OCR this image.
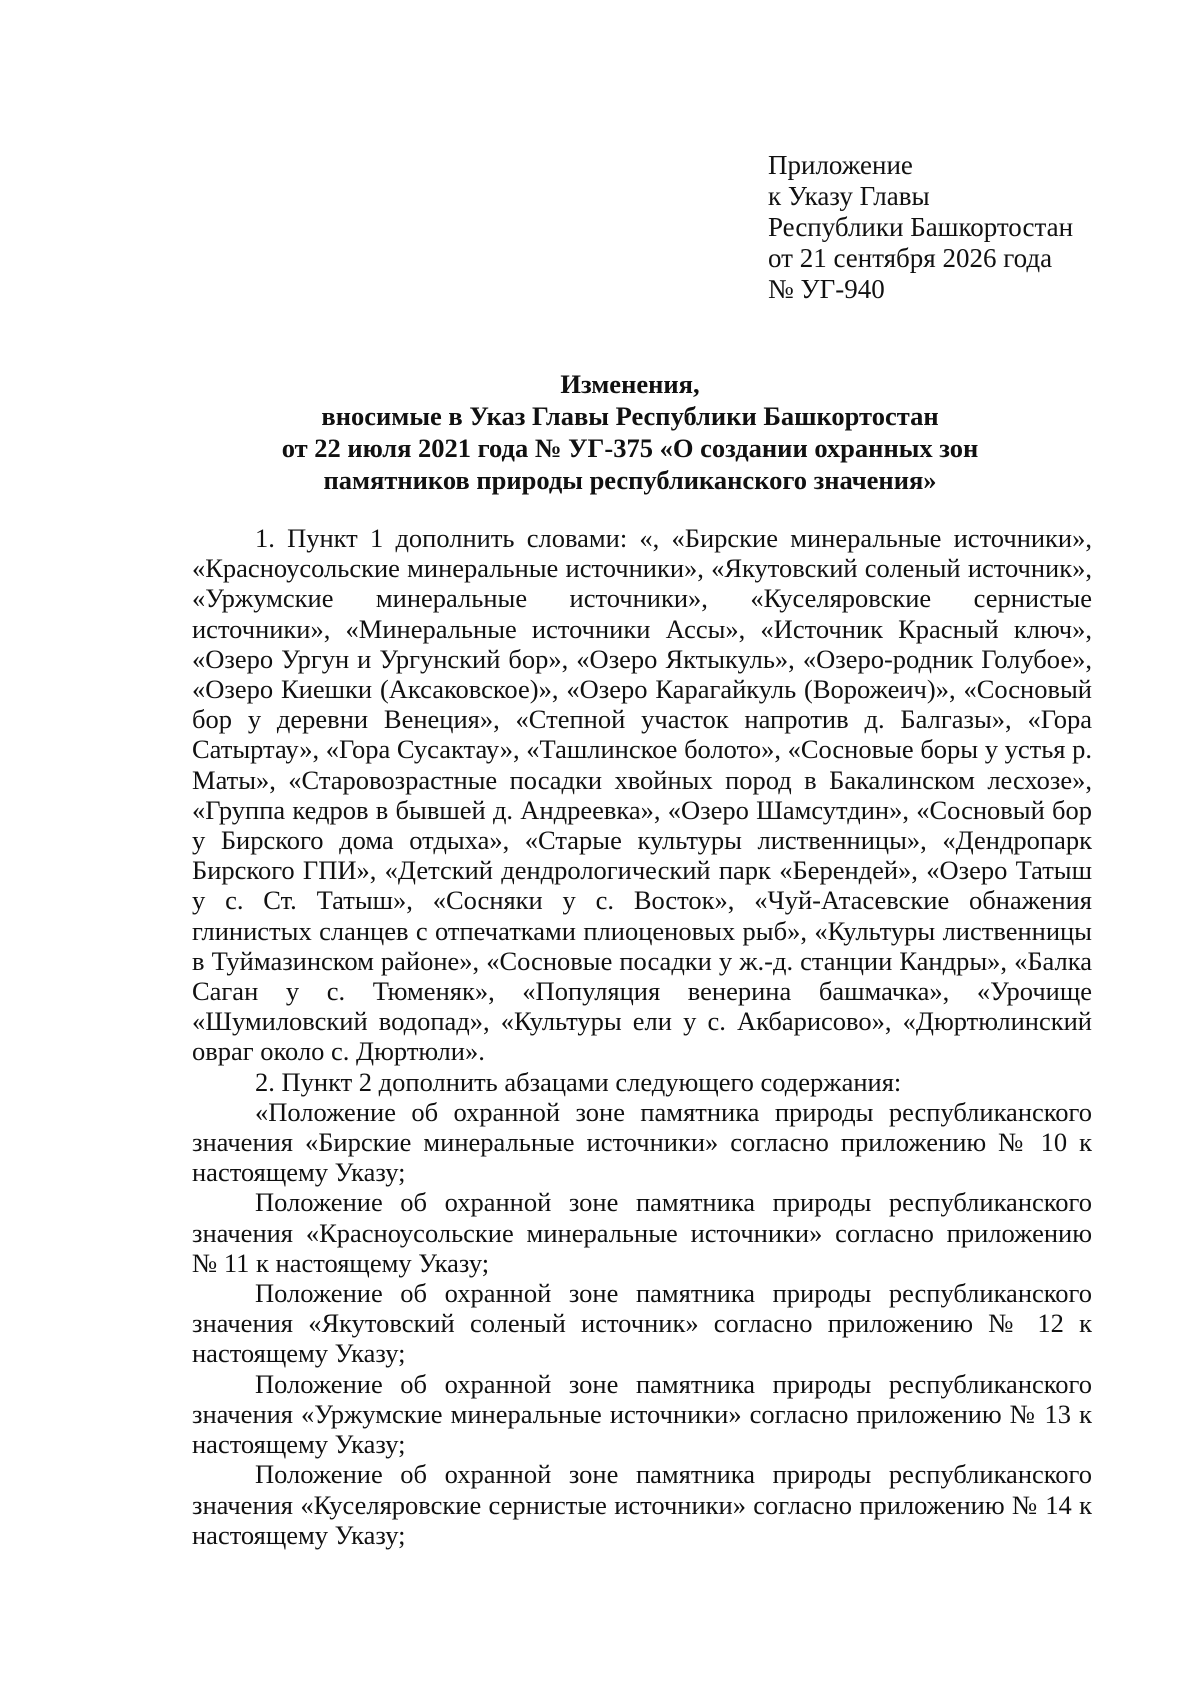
Приложение
к Указу Главы
Республики Башкортостан
от 21 сентября 2026 года
№ УГ-940
Изменения,
вносимые в Указ Главы Республики Башкортостан
от 22 июля 2021 года № УГ-375 «О создании охранных зон
памятников природы республиканского значения»

1. Пункт 1 дополнить словами: «, «Бирские минеральные источники», «Красноусольские минеральные источники», «Якутовский соленый источник», «Уржумские минеральные источники», «Куселяровские сернистые источники», «Минеральные источники Ассы», «Источник Красный ключ», «Озеро Ургун и Ургунский бор», «Озеро Яктыкуль», «Озеро-родник Голубое», «Озеро Киешки (Аксаковское)», «Озеро Карагайкуль (Ворожеич)», «Сосновый бор у деревни Венеция», «Степной участок напротив д. Балгазы», «Гора Сатыртау», «Гора Сусактау», «Ташлинское болото», «Сосновые боры у устья р. Маты», «Старовозрастные посадки хвойных пород в Бакалинском лесхозе», «Группа кедров в бывшей д. Андреевка», «Озеро Шамсутдин», «Сосновый бор у Бирского дома отдыха», «Старые культуры лиственницы», «Дендропарк Бирского ГПИ», «Детский дендрологический парк «Берендей», «Озеро Татыш у с. Ст. Татыш», «Сосняки у с. Восток», «Чуй-Атасевские обнажения глинистых сланцев с отпечатками плиоценовых рыб», «Культуры лиственницы в Туймазинском районе», «Сосновые посадки у ж.-д. станции Кандры», «Балка Саган у с. Тюменяк», «Популяция венерина башмачка», «Урочище «Шумиловский водопад», «Культуры ели у с. Акбарисово», «Дюртюлинский овраг около с. Дюртюли».

2. Пункт 2 дополнить абзацами следующего содержания:

«Положение об охранной зоне памятника природы республиканского значения «Бирские минеральные источники» согласно приложению № 10 к настоящему Указу;

Положение об охранной зоне памятника природы республиканского значения «Красноусольские минеральные источники» согласно приложению № 11 к настоящему Указу;

Положение об охранной зоне памятника природы республиканского значения «Якутовский соленый источник» согласно приложению № 12 к настоящему Указу;

Положение об охранной зоне памятника природы республиканского значения «Уржумские минеральные источники» согласно приложению № 13 к настоящему Указу;

Положение об охранной зоне памятника природы республиканского значения «Куселяровские сернистые источники» согласно приложению № 14 к настоящему Указу;
